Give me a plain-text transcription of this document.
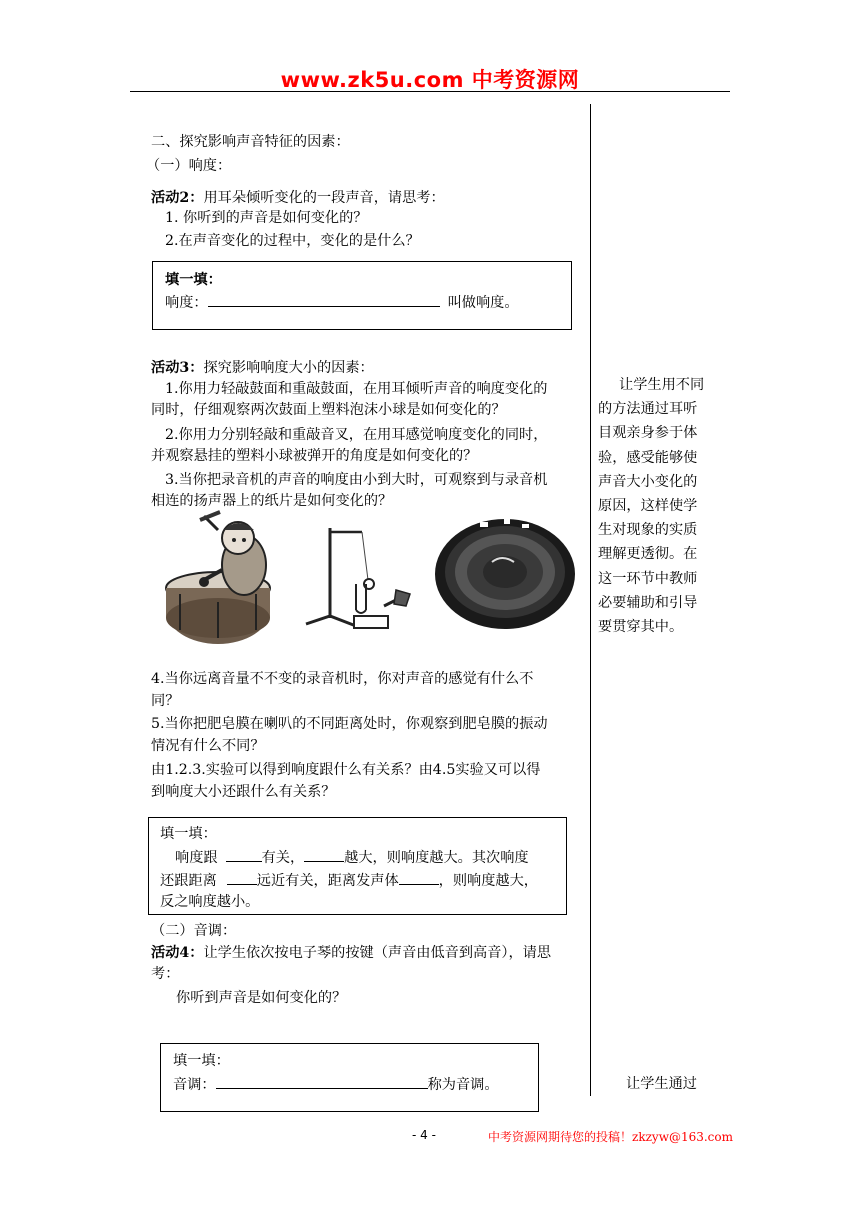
www.zk5u.com 中考资源网
二、探究影响声音特征的因素：
（一）响度：
活动2：用耳朵倾听变化的一段声音，请思考：
1. 你听到的声音是如何变化的？
2.在声音变化的过程中，变化的是什么？
填一填：
响度：	叫做响度。
活动3：探究影响响度大小的因素：
1.你用力轻敲鼓面和重敲鼓面，在用耳倾听声音的响度变化的
同时，仔细观察两次鼓面上塑料泡沫小球是如何变化的？
2.你用力分别轻敲和重敲音叉，在用耳感觉响度变化的同时，
并观察悬挂的塑料小球被弹开的角度是如何变化的？
3.当你把录音机的声音的响度由小到大时，可观察到与录音机
相连的扬声器上的纸片是如何变化的？
4.当你远离音量不不变的录音机时，你对声音的感觉有什么不
同？
5.当你把肥皂膜在喇叭的不同距离处时，你观察到肥皂膜的振动
情况有什么不同？
由1.2.3.实验可以得到响度跟什么有关系？由4.5实验又可以得
到响度大小还跟什么有关系？
填一填：
响度跟	有关，	越大，则响度越大。其次响度
还跟距离	远近有关，距离发声体	，则响度越大，
反之响度越小。
（二）音调：
活动4：让学生依次按电子琴的按键（声音由低音到高音），请思
考：
你听到声音是如何变化的？
填一填：
音调：	称为音调。
让学生用不同的方法通过耳听目观亲身参于体验，感受能够使声音大小变化的原因，这样使学生对现象的实质理解更透彻。在这一环节中教师必要辅助和引导要贯穿其中。
让学生通过
- 4 -	中考资源网期待您的投稿！zkzyw@163.com
